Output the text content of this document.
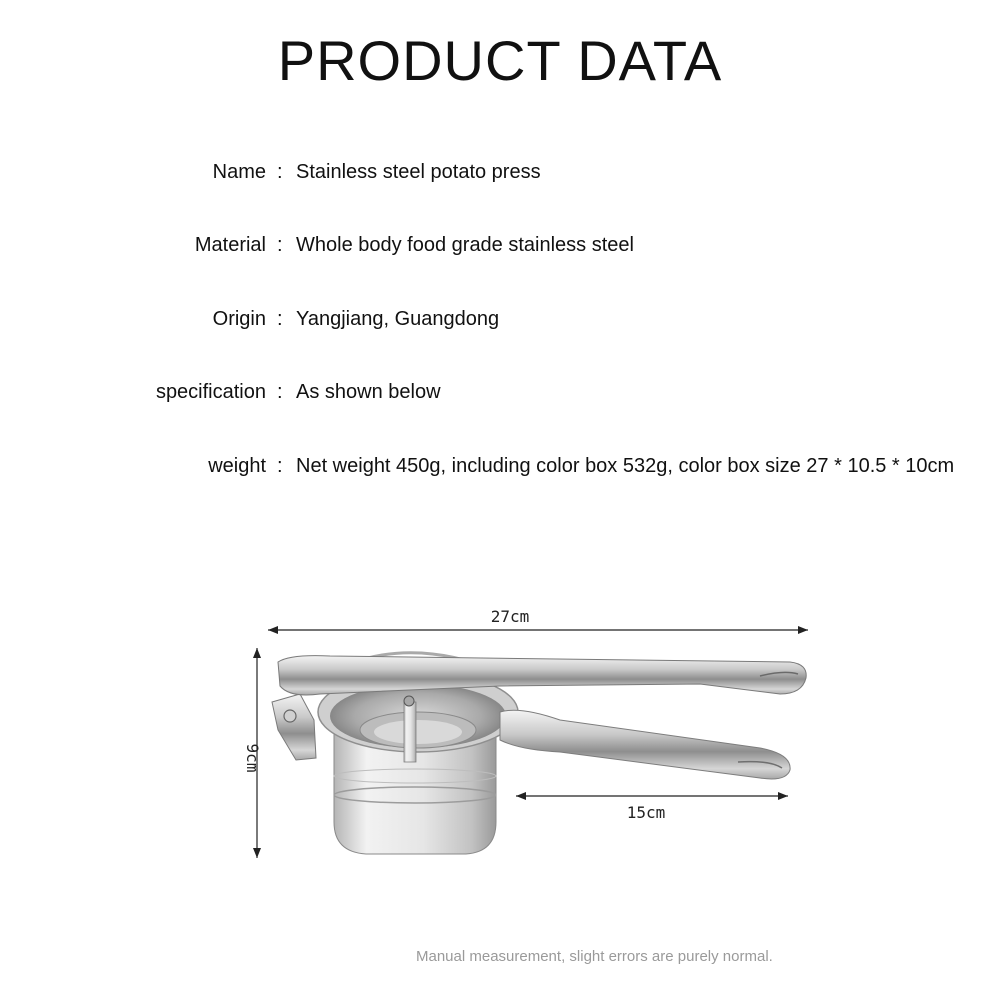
PRODUCT DATA
Name : Stainless steel potato press
Material : Whole body food grade stainless steel
Origin : Yangjiang, Guangdong
specification : As shown below
weight : Net weight 450g, including color box 532g, color box size 27 * 10.5 * 10cm
27cm
9cm
15cm
Manual measurement, slight errors are purely normal.
